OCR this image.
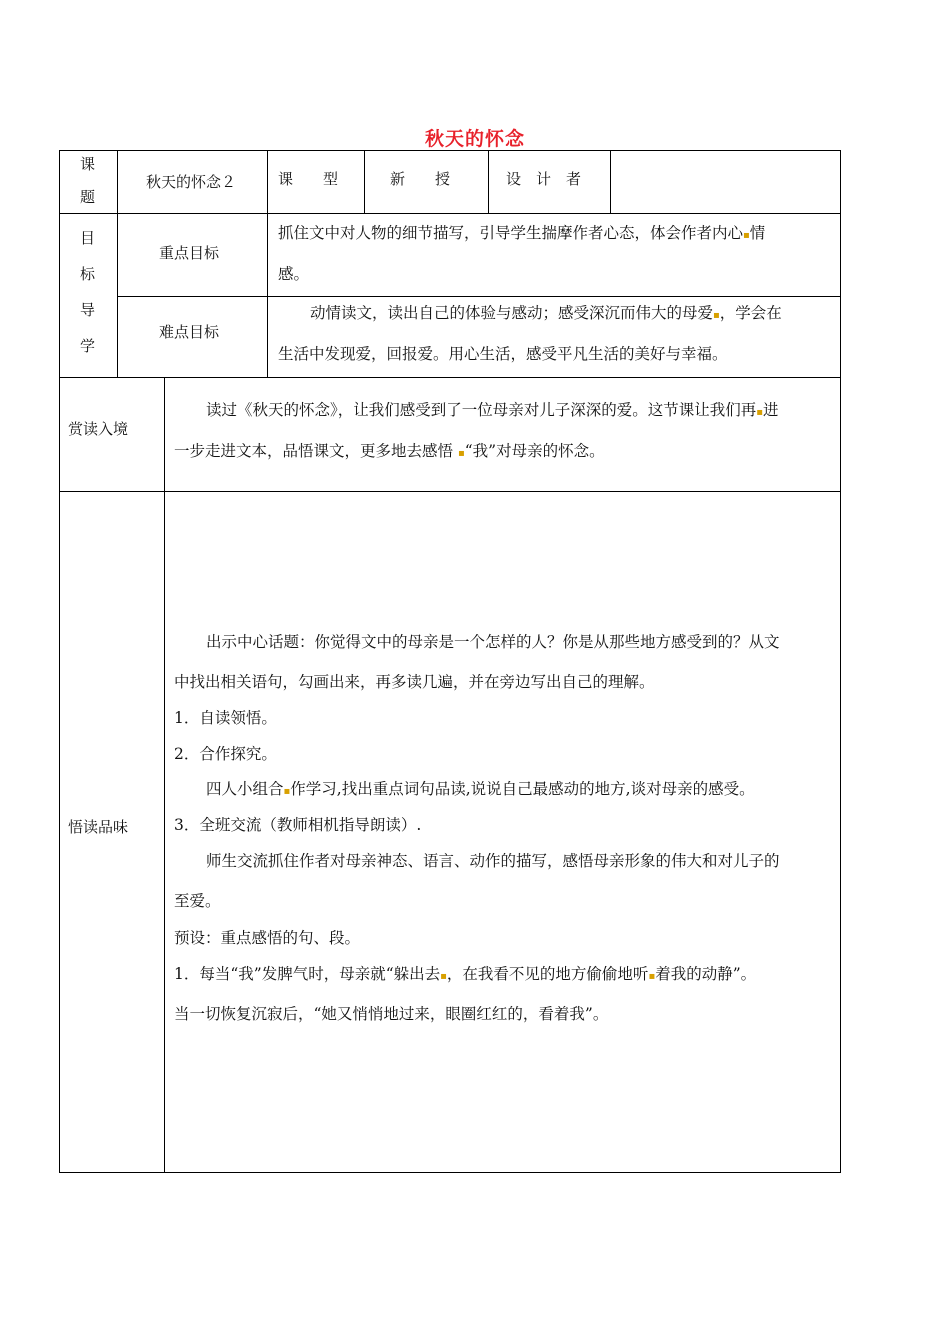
秋天的怀念
课
题
秋天的怀念２	课　　型	新　　授	设　计　者
目
标
导
学
重点目标
抓住文中对人物的细节描写，引导学生揣摩作者心态，体会作者内心▪情
感。
难点目标
动情读文，读出自己的体验与感动；感受深沉而伟大的母爱▪，学会在
生活中发现爱，回报爱。用心生活，感受平凡生活的美好与幸福。
赏读入境
读过《秋天的怀念》，让我们感受到了一位母亲对儿子深深的爱。这节课让我们再▪进
一步走进文本，品悟课文，更多地去感悟 ▪“我”对母亲的怀念。
悟读品味
出示中心话题：你觉得文中的母亲是一个怎样的人？你是从那些地方感受到的？从文
中找出相关语句，勾画出来，再多读几遍，并在旁边写出自己的理解。
1．自读领悟。
2．合作探究。
四人小组合▪作学习,找出重点词句品读,说说自己最感动的地方,谈对母亲的感受。
3．全班交流（教师相机指导朗读）.
师生交流抓住作者对母亲神态、语言、动作的描写，感悟母亲形象的伟大和对儿子的
至爱。
预设：重点感悟的句、段。
1．每当“我”发脾气时，母亲就“躲出去▪，在我看不见的地方偷偷地听▪着我的动静”。
当一切恢复沉寂后，“她又悄悄地过来，眼圈红红的，看着我”。
